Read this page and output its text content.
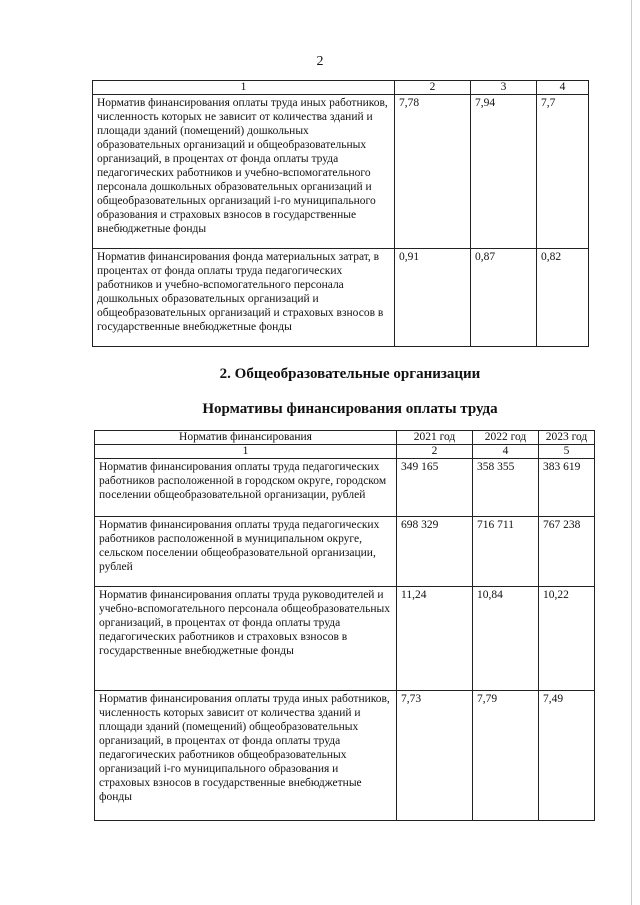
2
1	2	3	4
Норматив финансирования оплаты труда иных работников, численность которых не зависит от количества зданий и площади зданий (помещений) дошкольных образовательных организаций и общеобразовательных организаций, в процентах от фонда оплаты труда педагогических работников и учебно-вспомогательного персонала дошкольных образовательных организаций и общеобразовательных организаций i-го муниципального образования и страховых взносов в государственные внебюджетные фонды	7,78	7,94	7,7
Норматив финансирования фонда материальных затрат, в процентах от фонда оплаты труда педагогических работников и учебно-вспомогательного персонала дошкольных образовательных организаций и общеобразовательных организаций и страховых взносов в государственные внебюджетные фонды	0,91	0,87	0,82
2. Общеобразовательные организации
Нормативы финансирования оплаты труда
Норматив финансирования	2021 год	2022 год	2023 год
1	2	4	5
Норматив финансирования оплаты труда педагогических работников расположенной в городском округе, городском поселении общеобразовательной организации, рублей	349 165	358 355	383 619
Норматив финансирования оплаты труда педагогических работников расположенной в муниципальном округе, сельском поселении общеобразовательной организации, рублей	698 329	716 711	767 238
Норматив финансирования оплаты труда руководителей и учебно-вспомогательного персонала общеобразовательных организаций, в процентах от фонда оплаты труда педагогических работников и страховых взносов в государственные внебюджетные фонды	11,24	10,84	10,22
Норматив финансирования оплаты труда иных работников, численность которых зависит от количества зданий и площади зданий (помещений) общеобразовательных организаций, в процентах от фонда оплаты труда педагогических работников общеобразовательных организаций i-го муниципального образования и страховых взносов в государственные внебюджетные фонды	7,73	7,79	7,49
